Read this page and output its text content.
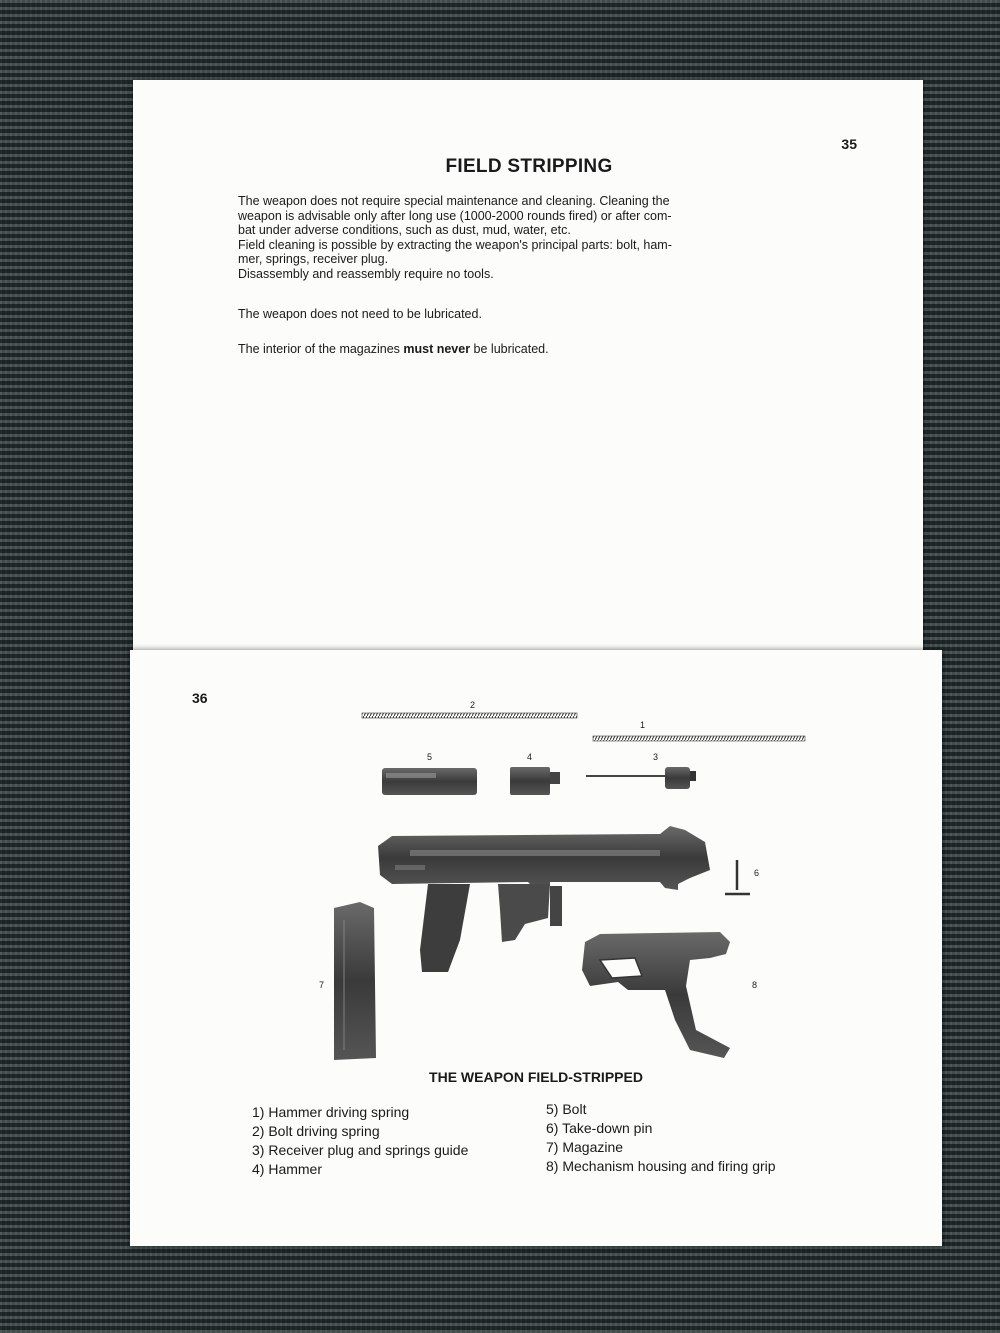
35
FIELD STRIPPING

The weapon does not require special maintenance and cleaning. Cleaning the
weapon is advisable only after long use (1000-2000 rounds fired) or after com-
bat under adverse conditions, such as dust, mud, water, etc.
Field cleaning is possible by extracting the weapon's principal parts: bolt, ham-
mer, springs, receiver plug.
Disassembly and reassembly require no tools.

The weapon does not need to be lubricated.

The interior of the magazines must never be lubricated.

36	2
1
5	4	3
6
7	8

THE WEAPON FIELD-STRIPPED

1) Hammer driving spring
2) Bolt driving spring
3) Receiver plug and springs guide
4) Hammer
5) Bolt
6) Take-down pin
7) Magazine
8) Mechanism housing and firing grip
